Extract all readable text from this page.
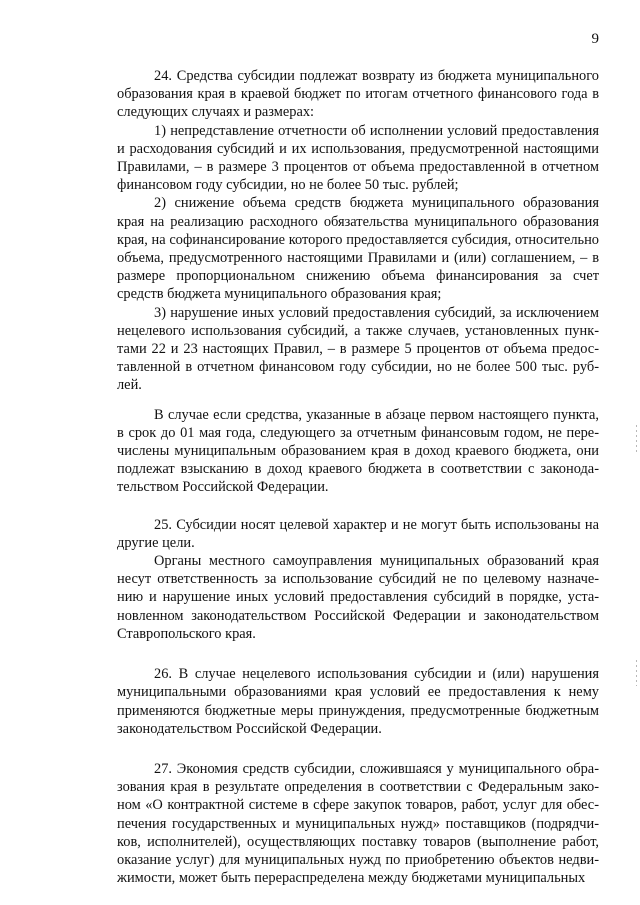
9

24. Средства субсидии подлежат возврату из бюджета муниципального образования края в краевой бюджет по итогам отчетного финансового года в следующих случаях и размерах:

1) непредставление отчетности об исполнении условий предоставления и расходования субсидий и их использования, предусмотренной настоящими Правилами, – в размере 3 процентов от объема предоставленной в отчетном финансовом году субсидии, но не более 50 тыс. рублей;

2) снижение объема средств бюджета муниципального образования края на реализацию расходного обязательства муниципального образования края, на софинансирование которого предоставляется субсидия, относительно объема, предусмотренного настоящими Правилами и (или) соглашением, – в размере пропорциональном снижению объема финансирования за счет средств бюджета муниципального образования края;

3) нарушение иных условий предоставления субсидий, за исключением нецелевого использования субсидий, а также случаев, установленных пунктами 22 и 23 настоящих Правил, – в размере 5 процентов от объема предоставленной в отчетном финансовом году субсидии, но не более 500 тыс. рублей.

В случае если средства, указанные в абзаце первом настоящего пункта, в срок до 01 мая года, следующего за отчетным финансовым годом, не перечислены муниципальным образованием края в доход краевого бюджета, они подлежат взысканию в доход краевого бюджета в соответствии с законодательством Российской Федерации.

25. Субсидии носят целевой характер и не могут быть использованы на другие цели.

Органы местного самоуправления муниципальных образований края несут ответственность за использование субсидий не по целевому назначению и нарушение иных условий предоставления субсидий в порядке, установленном законодательством Российской Федерации и законодательством Ставропольского края.

26. В случае нецелевого использования субсидии и (или) нарушения муниципальными образованиями края условий ее предоставления к нему применяются бюджетные меры принуждения, предусмотренные бюджетным законодательством Российской Федерации.

27. Экономия средств субсидии, сложившаяся у муниципального образования края в результате определения в соответствии с Федеральным законом «О контрактной системе в сфере закупок товаров, работ, услуг для обеспечения государственных и муниципальных нужд» поставщиков (подрядчиков, исполнителей), осуществляющих поставку товаров (выполнение работ, оказание услуг) для муниципальных нужд по приобретению объектов недвижимости, может быть перераспределена между бюджетами муниципальных
